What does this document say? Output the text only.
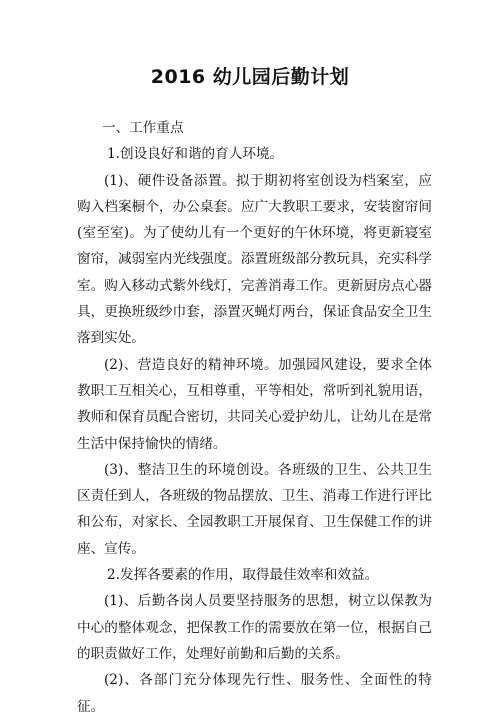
2016 幼儿园后勤计划

一、工作重点

1.创设良好和谐的育人环境。

(1)、硬件设备添置。拟于期初将室创设为档案室，应购入档案橱个，办公桌套。应广大教职工要求，安装窗帘间(室至室)。为了使幼儿有一个更好的午休环境，将更新寝室窗帘，减弱室内光线强度。添置班级部分教玩具，充实科学室。购入移动式紫外线灯，完善消毒工作。更新厨房点心器具，更换班级纱巾套，添置灭蝇灯两台，保证食品安全卫生落到实处。

(2)、营造良好的精神环境。加强园风建设，要求全体教职工互相关心，互相尊重，平等相处，常听到礼貌用语，教师和保育员配合密切，共同关心爱护幼儿，让幼儿在是常生活中保持愉快的情绪。

(3)、整洁卫生的环境创设。各班级的卫生、公共卫生区责任到人，各班级的物品摆放、卫生、消毒工作进行评比和公布，对家长、全园教职工开展保育、卫生保健工作的讲座、宣传。

2.发挥各要素的作用，取得最佳效率和效益。

(1)、后勤各岗人员要坚持服务的思想，树立以保教为中心的整体观念，把保教工作的需要放在第一位，根据自己的职责做好工作，处理好前勤和后勤的关系。

(2)、各部门充分体现先行性、服务性、全面性的特征。
